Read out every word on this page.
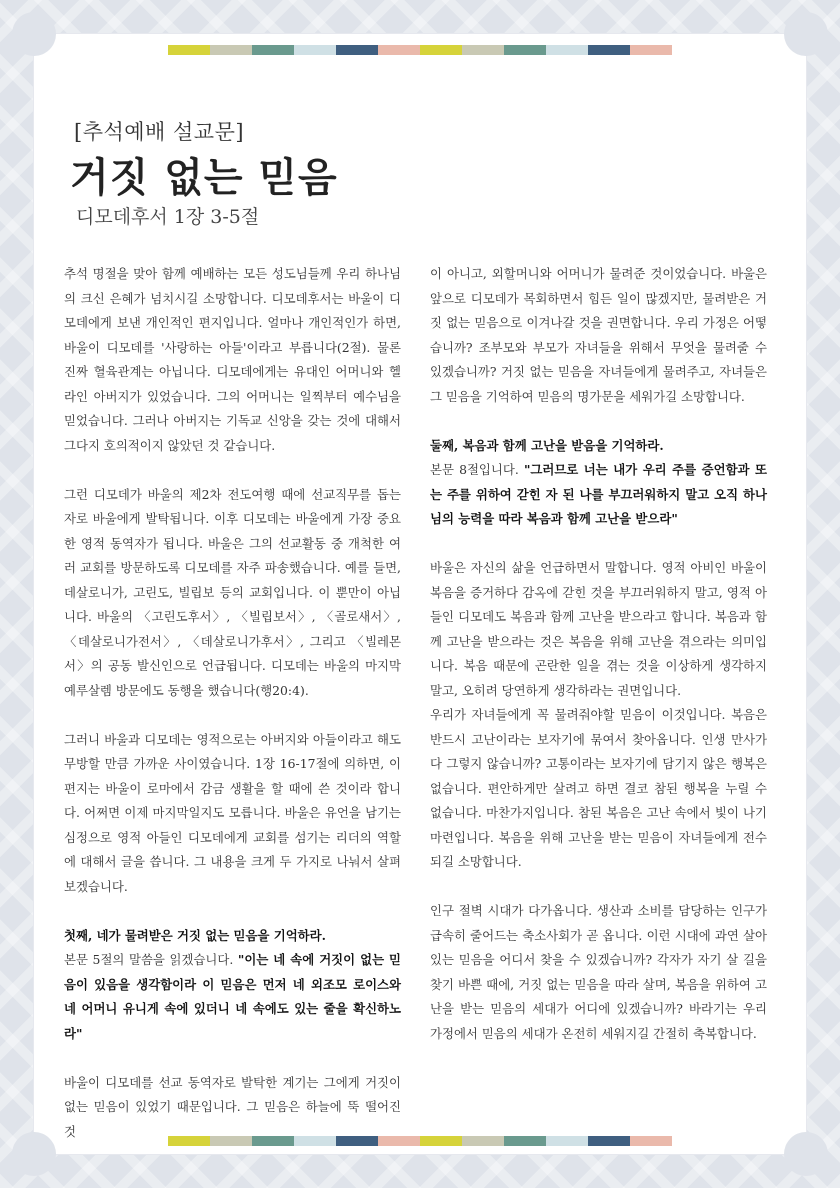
[추석예배 설교문]
거짓 없는 믿음
디모데후서 1장 3-5절

추석 명절을 맞아 함께 예배하는 모든 성도님들께 우리 하나님의 크신 은혜가 넘치시길 소망합니다. 디모데후서는 바울이 디모데에게 보낸 개인적인 편지입니다. 얼마나 개인적인가 하면, 바울이 디모데를 '사랑하는 아들'이라고 부릅니다(2절). 물론 진짜 혈육관계는 아닙니다. 디모데에게는 유대인 어머니와 헬라인 아버지가 있었습니다. 그의 어머니는 일찍부터 예수님을 믿었습니다. 그러나 아버지는 기독교 신앙을 갖는 것에 대해서 그다지 호의적이지 않았던 것 같습니다.

그런 디모데가 바울의 제2차 전도여행 때에 선교직무를 돕는 자로 바울에게 발탁됩니다. 이후 디모데는 바울에게 가장 중요한 영적 동역자가 됩니다. 바울은 그의 선교활동 중 개척한 여러 교회를 방문하도록 디모데를 자주 파송했습니다. 예를 들면, 데살로니가, 고린도, 빌립보 등의 교회입니다. 이 뿐만이 아닙니다. 바울의 〈고린도후서〉, 〈빌립보서〉, 〈골로새서〉, 〈데살로니가전서〉, 〈데살로니가후서〉, 그리고 〈빌레몬서〉의 공동 발신인으로 언급됩니다. 디모데는 바울의 마지막 예루살렘 방문에도 동행을 했습니다(행20:4).

그러니 바울과 디모데는 영적으로는 아버지와 아들이라고 해도 무방할 만큼 가까운 사이였습니다. 1장 16-17절에 의하면, 이 편지는 바울이 로마에서 감금 생활을 할 때에 쓴 것이라 합니다. 어쩌면 이제 마지막일지도 모릅니다. 바울은 유언을 남기는 심정으로 영적 아들인 디모데에게 교회를 섬기는 리더의 역할에 대해서 글을 씁니다. 그 내용을 크게 두 가지로 나눠서 살펴보겠습니다.

첫째, 네가 물려받은 거짓 없는 믿음을 기억하라.
본문 5절의 말씀을 읽겠습니다. "이는 네 속에 거짓이 없는 믿음이 있음을 생각함이라 이 믿음은 먼저 네 외조모 로이스와 네 어머니 유니게 속에 있더니 네 속에도 있는 줄을 확신하노라"

바울이 디모데를 선교 동역자로 발탁한 계기는 그에게 거짓이 없는 믿음이 있었기 때문입니다. 그 믿음은 하늘에 뚝 떨어진 것

이 아니고, 외할머니와 어머니가 물려준 것이었습니다. 바울은 앞으로 디모데가 목회하면서 힘든 일이 많겠지만, 물려받은 거짓 없는 믿음으로 이겨나갈 것을 권면합니다. 우리 가정은 어떻습니까? 조부모와 부모가 자녀들을 위해서 무엇을 물려줄 수 있겠습니까? 거짓 없는 믿음을 자녀들에게 물려주고, 자녀들은 그 믿음을 기억하여 믿음의 명가문을 세워가길 소망합니다.

둘째, 복음과 함께 고난을 받음을 기억하라.
본문 8절입니다. "그러므로 너는 내가 우리 주를 증언함과 또는 주를 위하여 갇힌 자 된 나를 부끄러워하지 말고 오직 하나님의 능력을 따라 복음과 함께 고난을 받으라"

바울은 자신의 삶을 언급하면서 말합니다. 영적 아비인 바울이 복음을 증거하다 감옥에 갇힌 것을 부끄러워하지 말고, 영적 아들인 디모데도 복음과 함께 고난을 받으라고 합니다. 복음과 함께 고난을 받으라는 것은 복음을 위해 고난을 겪으라는 의미입니다. 복음 때문에 곤란한 일을 겪는 것을 이상하게 생각하지 말고, 오히려 당연하게 생각하라는 권면입니다.

우리가 자녀들에게 꼭 물려줘야할 믿음이 이것입니다. 복음은 반드시 고난이라는 보자기에 묶여서 찾아옵니다. 인생 만사가 다 그렇지 않습니까? 고통이라는 보자기에 담기지 않은 행복은 없습니다. 편안하게만 살려고 하면 결코 참된 행복을 누릴 수 없습니다. 마찬가지입니다. 참된 복음은 고난 속에서 빛이 나기 마련입니다. 복음을 위해 고난을 받는 믿음이 자녀들에게 전수되길 소망합니다.

인구 절벽 시대가 다가옵니다. 생산과 소비를 담당하는 인구가 급속히 줄어드는 축소사회가 곧 옵니다. 이런 시대에 과연 살아있는 믿음을 어디서 찾을 수 있겠습니까? 각자가 자기 살 길을 찾기 바쁜 때에, 거짓 없는 믿음을 따라 살며, 복음을 위하여 고난을 받는 믿음의 세대가 어디에 있겠습니까? 바라기는 우리 가정에서 믿음의 세대가 온전히 세워지길 간절히 축복합니다.
